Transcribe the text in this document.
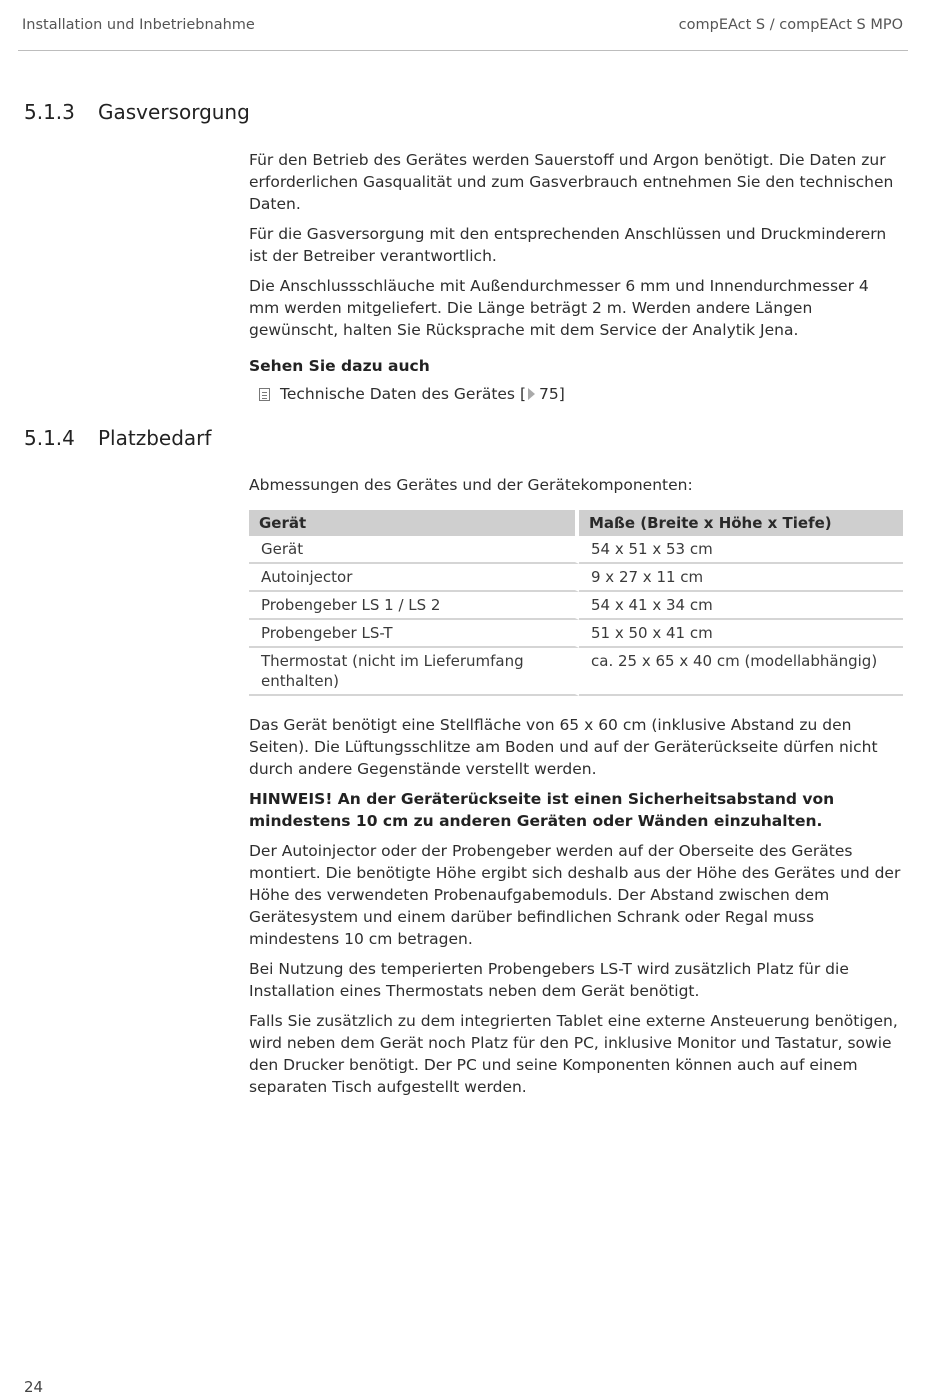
Installation und Inbetriebnahme	compEAct S / compEAct S MPO
5.1.3 Gasversorgung

Für den Betrieb des Gerätes werden Sauerstoff und Argon benötigt. Die Daten zur erforderlichen Gasqualität und zum Gasverbrauch entnehmen Sie den technischen Daten.

Für die Gasversorgung mit den entsprechenden Anschlüssen und Druckminderern ist der Betreiber verantwortlich.

Die Anschlussschläuche mit Außendurchmesser 6 mm und Innendurchmesser 4 mm werden mitgeliefert. Die Länge beträgt 2 m. Werden andere Längen gewünscht, halten Sie Rücksprache mit dem Service der Analytik Jena.

Sehen Sie dazu auch
Technische Daten des Gerätes [ 75]
5.1.4 Platzbedarf

Abmessungen des Gerätes und der Gerätekomponenten:

Gerät	Maße (Breite x Höhe x Tiefe)
Gerät	54 x 51 x 53 cm
Autoinjector	9 x 27 x 11 cm
Probengeber LS 1 / LS 2	54 x 41 x 34 cm
Probengeber LS-T	51 x 50 x 41 cm
Thermostat (nicht im Lieferumfang enthalten)	ca. 25 x 65 x 40 cm (modellabhängig)

Das Gerät benötigt eine Stellfläche von 65 x 60 cm (inklusive Abstand zu den Seiten). Die Lüftungsschlitze am Boden und auf der Geräterückseite dürfen nicht durch andere Gegenstände verstellt werden.

HINWEIS! An der Geräterückseite ist einen Sicherheitsabstand von mindestens 10 cm zu anderen Geräten oder Wänden einzuhalten.

Der Autoinjector oder der Probengeber werden auf der Oberseite des Gerätes montiert. Die benötigte Höhe ergibt sich deshalb aus der Höhe des Gerätes und der Höhe des verwendeten Probenaufgabemoduls. Der Abstand zwischen dem Gerätesystem und einem darüber befindlichen Schrank oder Regal muss mindestens 10 cm betragen.

Bei Nutzung des temperierten Probengebers LS-T wird zusätzlich Platz für die Installation eines Thermostats neben dem Gerät benötigt.

Falls Sie zusätzlich zu dem integrierten Tablet eine externe Ansteuerung benötigen, wird neben dem Gerät noch Platz für den PC, inklusive Monitor und Tastatur, sowie den Drucker benötigt. Der PC und seine Komponenten können auch auf einem separaten Tisch aufgestellt werden.

24
